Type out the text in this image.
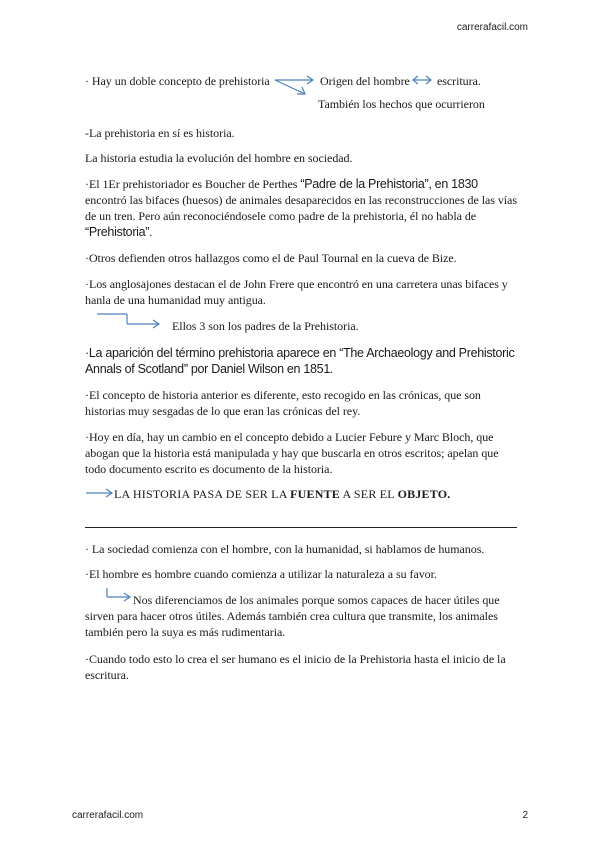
carrerafacil.com
· Hay un doble concepto de prehistoria	Origen del hombre escritura.
También los hechos que ocurrieron
-La prehistoria en sí es historia.
La historia estudia la evolución del hombre en sociedad.
·El 1Er prehistoriador es Boucher de Perthes “Padre de la Prehistoria”, en 1830 encontró las bifaces (huesos) de animales desaparecidos en las reconstrucciones de las vías de un tren. Pero aún reconociéndosele como padre de la prehistoria, él no habla de “Prehistoria”.
·Otros defienden otros hallazgos como el de Paul Tournal en la cueva de Bize.
·Los anglosajones destacan el de John Frere que encontró en una carretera unas bifaces y hanla de una humanidad muy antigua.
Ellos 3 son los padres de la Prehistoria.
·La aparición del término prehistoria aparece en “The Archaeology and Prehistoric Annals of Scotland” por Daniel Wilson en 1851.
·El concepto de historia anterior es diferente, esto recogido en las crónicas, que son historias muy sesgadas de lo que eran las crónicas del rey.
·Hoy en día, hay un cambio en el concepto debido a Lucier Febure y Marc Bloch, que abogan que la historia está manipulada y hay que buscarla en otros escritos; apelan que todo documento escrito es documento de la historia.
LA HISTORIA PASA DE SER LA FUENTE A SER EL OBJETO.
· La sociedad comienza con el hombre, con la humanidad, si hablamos de humanos.
·El hombre es hombre cuando comienza a utilizar la naturaleza a su favor.
Nos diferenciamos de los animales porque somos capaces de hacer útiles que sirven para hacer otros útiles. Además también crea cultura que transmite, los animales también pero la suya es más rudimentaria.
·Cuando todo esto lo crea el ser humano es el inicio de la Prehistoria hasta el inicio de la escritura.
carrerafacil.com	2
